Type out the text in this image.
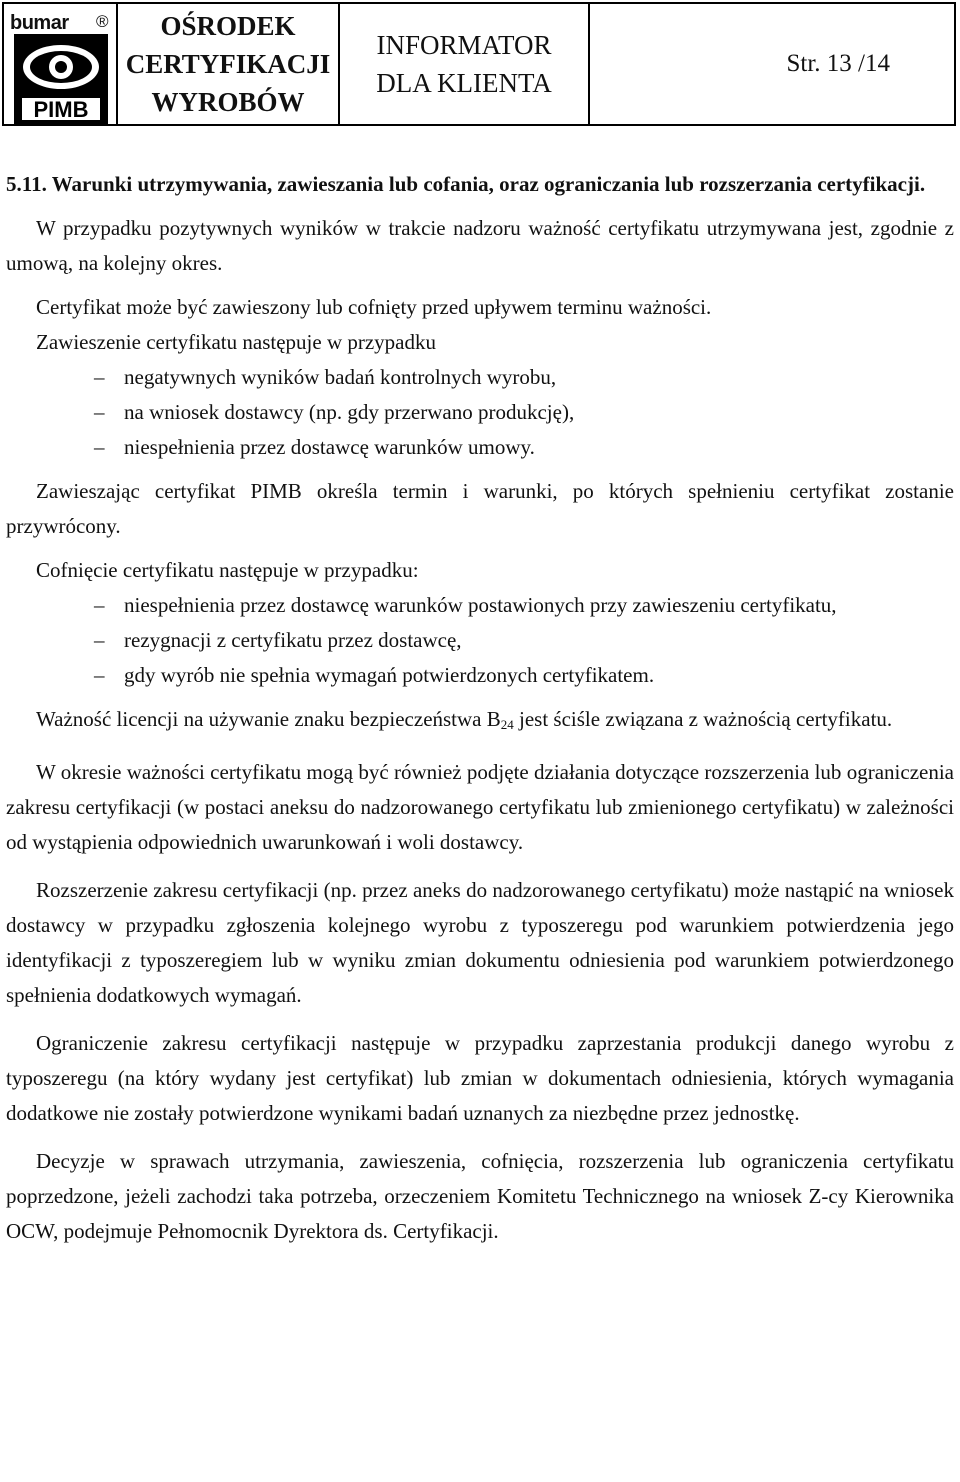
bumar ®
PIMB
OŚRODEK
CERTYFIKACJI
WYROBÓW
INFORMATOR
DLA KLIENTA
Str. 13 /14

5.11. Warunki utrzymywania, zawieszania lub cofania, oraz ograniczania lub rozszerzania certyfikacji.

W przypadku pozytywnych wyników w trakcie nadzoru ważność certyfikatu utrzymywana jest, zgodnie z umową, na kolejny okres.

Certyfikat może być zawieszony lub cofnięty przed upływem terminu ważności.

Zawieszenie certyfikatu następuje w przypadku

– negatywnych wyników badań kontrolnych wyrobu,
– na wniosek dostawcy (np. gdy przerwano produkcję),
– niespełnienia przez dostawcę warunków umowy.

Zawieszając certyfikat PIMB określa termin i warunki, po których spełnieniu certyfikat zostanie przywrócony.

Cofnięcie certyfikatu następuje w przypadku:

– niespełnienia przez dostawcę warunków postawionych przy zawieszeniu certyfikatu,
– rezygnacji z certyfikatu przez dostawcę,
– gdy wyrób nie spełnia wymagań potwierdzonych certyfikatem.

Ważność licencji na używanie znaku bezpieczeństwa $B_{24}$ jest ściśle związana z ważnością certyfikatu.

W okresie ważności certyfikatu mogą być również podjęte działania dotyczące rozszerzenia lub ograniczenia zakresu certyfikacji (w postaci aneksu do nadzorowanego certyfikatu lub zmienionego certyfikatu) w zależności od wystąpienia odpowiednich uwarunkowań i woli dostawcy.

Rozszerzenie zakresu certyfikacji (np. przez aneks do nadzorowanego certyfikatu) może nastąpić na wniosek dostawcy w przypadku zgłoszenia kolejnego wyrobu z typoszeregu pod warunkiem potwierdzenia jego identyfikacji z typoszeregiem lub w wyniku zmian dokumentu odniesienia pod warunkiem potwierdzonego spełnienia dodatkowych wymagań.

Ograniczenie zakresu certyfikacji następuje w przypadku zaprzestania produkcji danego wyrobu z typoszeregu (na który wydany jest certyfikat) lub zmian w dokumentach odniesienia, których wymagania dodatkowe nie zostały potwierdzone wynikami badań uznanych za niezbędne przez jednostkę.

Decyzje w sprawach utrzymania, zawieszenia, cofnięcia, rozszerzenia lub ograniczenia certyfikatu poprzedzone, jeżeli zachodzi taka potrzeba, orzeczeniem Komitetu Technicznego na wniosek Z-cy Kierownika OCW, podejmuje Pełnomocnik Dyrektora ds. Certyfikacji.
